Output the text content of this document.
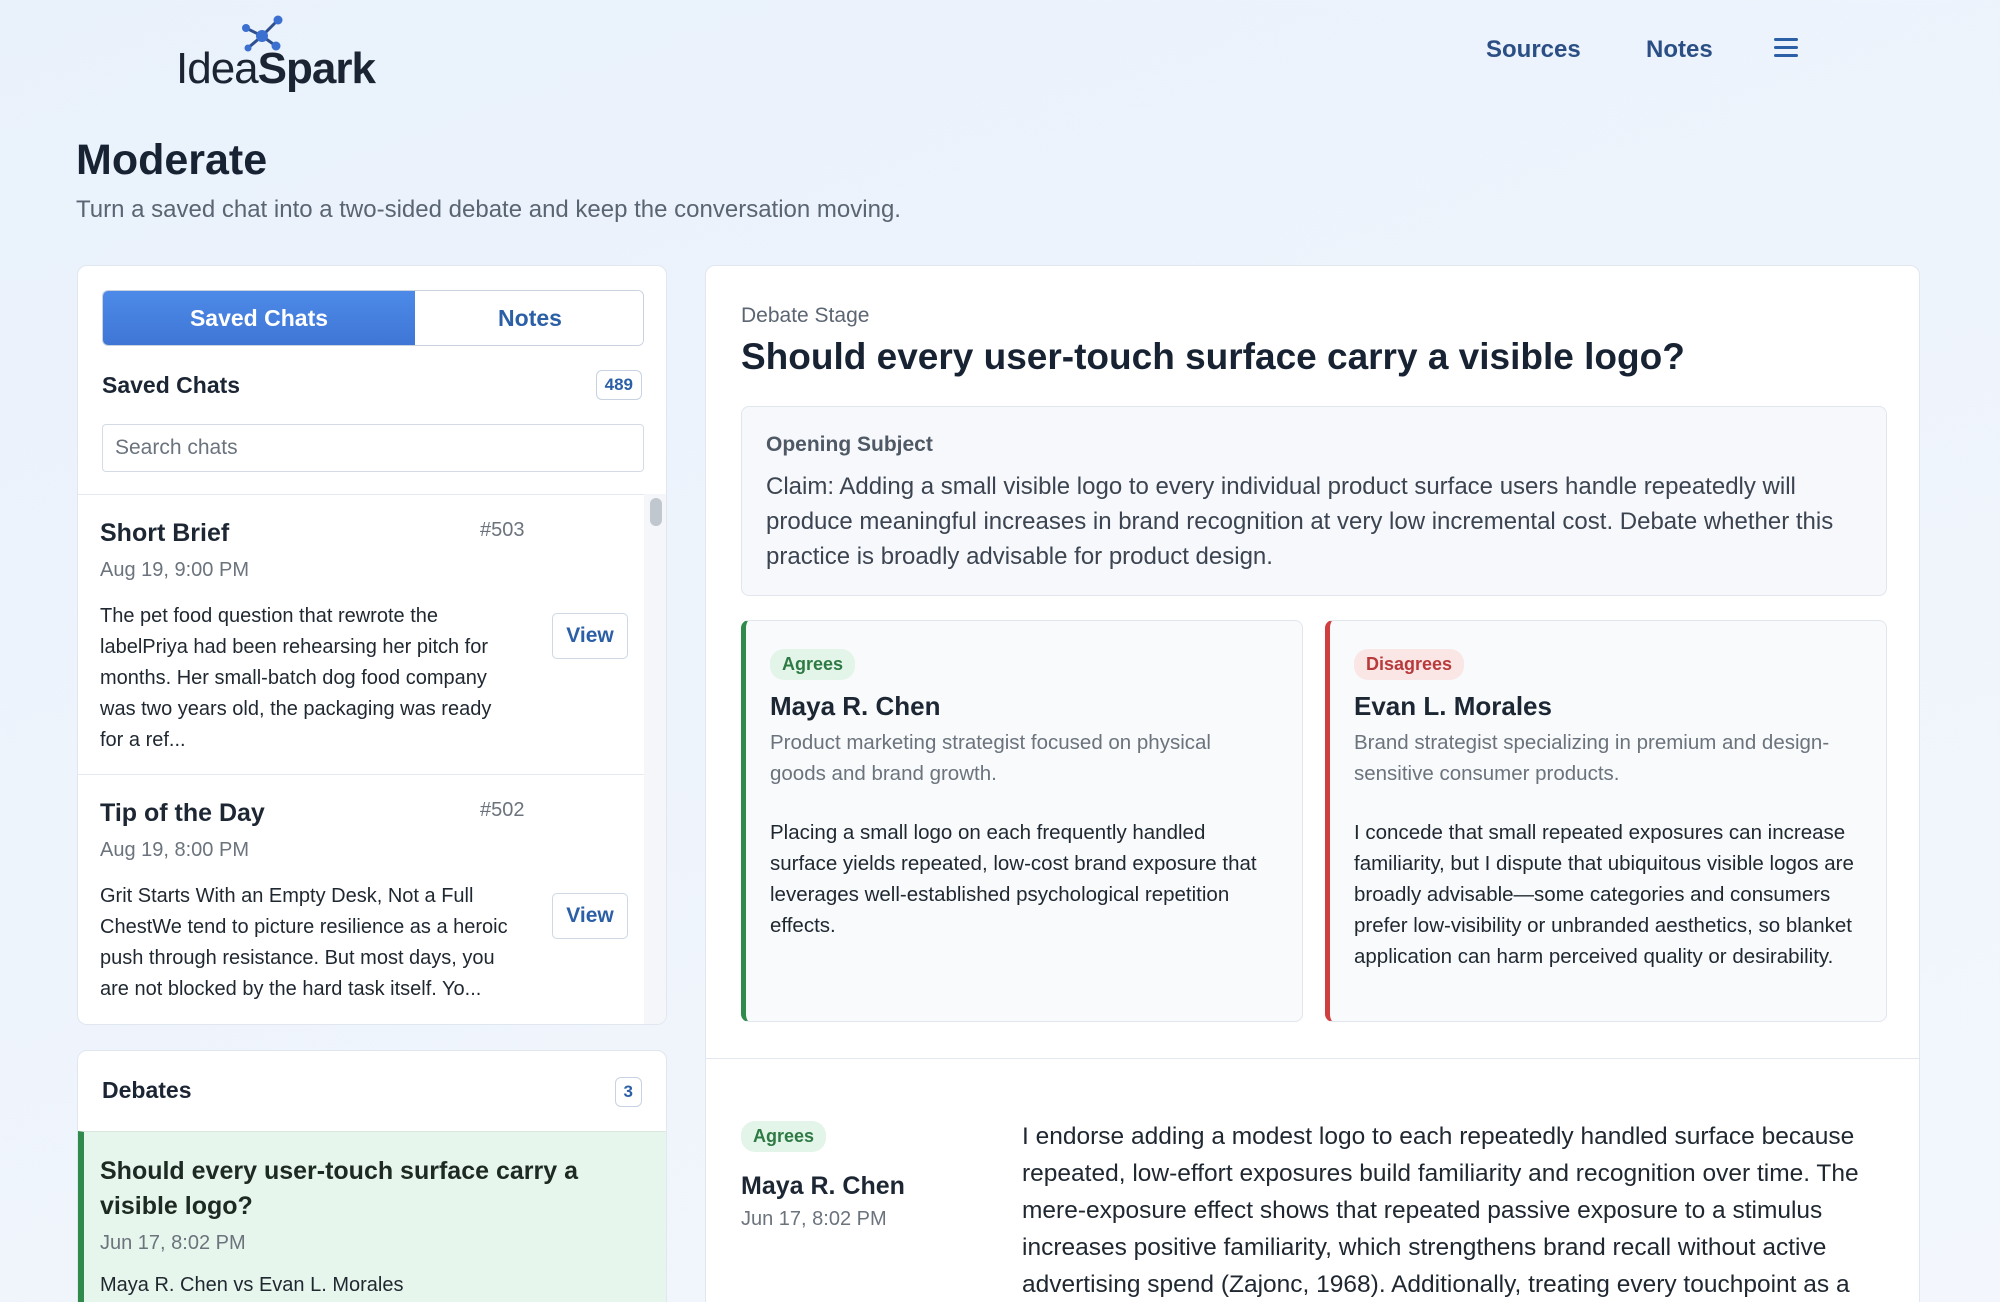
IdeaSpark	Sources	Notes
Moderate

Turn a saved chat into a two-sided debate and keep the conversation moving.

Saved Chats	Notes
Saved Chats	489
Search chats
Short Brief	#503
Aug 19, 9:00 PM
The pet food question that rewrote the labelPriya had been rehearsing her pitch for months. Her small-batch dog food company was two years old, the packaging was ready for a ref...
View
Tip of the Day	#502
Aug 19, 8:00 PM
Grit Starts With an Empty Desk, Not a Full ChestWe tend to picture resilience as a heroic push through resistance. But most days, you are not blocked by the hard task itself. Yo...
View
Debates	3
Should every user-touch surface carry a visible logo?
Jun 17, 8:02 PM
Maya R. Chen vs Evan L. Morales
Debate Stage
Should every user-touch surface carry a visible logo?
Opening Subject
Claim: Adding a small visible logo to every individual product surface users handle repeatedly will produce meaningful increases in brand recognition at very low incremental cost. Debate whether this practice is broadly advisable for product design.
Agrees
Maya R. Chen
Product marketing strategist focused on physical goods and brand growth.
Placing a small logo on each frequently handled surface yields repeated, low-cost brand exposure that leverages well-established psychological repetition effects.
Disagrees
Evan L. Morales
Brand strategist specializing in premium and design-sensitive consumer products.
I concede that small repeated exposures can increase familiarity, but I dispute that ubiquitous visible logos are broadly advisable—some categories and consumers prefer low-visibility or unbranded aesthetics, so blanket application can harm perceived quality or desirability.
Agrees
Maya R. Chen
Jun 17, 8:02 PM
I endorse adding a modest logo to each repeatedly handled surface because repeated, low-effort exposures build familiarity and recognition over time. The mere-exposure effect shows that repeated passive exposure to a stimulus increases positive familiarity, which strengthens brand recall without active advertising spend (Zajonc, 1968). Additionally, treating every touchpoint as a
